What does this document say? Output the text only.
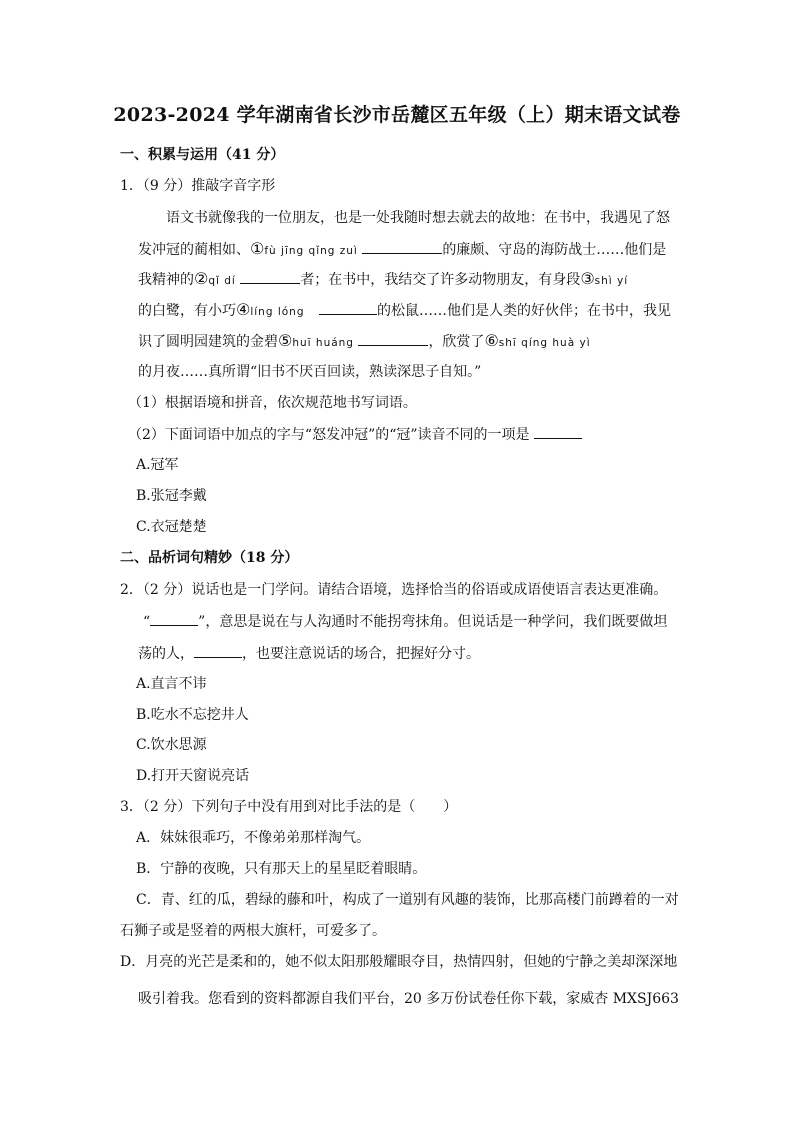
2023-2024 学年湖南省长沙市岳麓区五年级（上）期末语文试卷
一、积累与运用（41 分）
1．（9 分）推敲字音字形
语文书就像我的一位朋友，也是一处我随时想去就去的故地：在书中，我遇见了怒
发冲冠的蔺相如、①fù jīng qǐng zuì	的廉颇、守岛的海防战士……他们是
我精神的②qǐ dí	者；在书中，我结交了许多动物朋友，有身段③shì yí
的白鹭，有小巧④líng lóng	的松鼠……他们是人类的好伙伴；在书中，我见
识了圆明园建筑的金碧⑤huī huáng	，欣赏了⑥shī qíng huà yì
的月夜……真所谓“旧书不厌百回读，熟读深思子自知。”
（1）根据语境和拼音，依次规范地书写词语。
（2）下面词语中加点的字与“怒发冲冠”的“冠”读音不同的一项是
A.冠军
B.张冠李戴
C.衣冠楚楚
二、品析词句精妙（18 分）
2．（2 分）说话也是一门学问。请结合语境，选择恰当的俗语或成语使语言表达更准确。
“	”，意思是说在与人沟通时不能拐弯抹角。但说话是一种学问，我们既要做坦
荡的人，	，也要注意说话的场合，把握好分寸。
A.直言不讳
B.吃水不忘挖井人
C.饮水思源
D.打开天窗说亮话
3．（2 分）下列句子中没有用到对比手法的是（　　）
A．妹妹很乖巧，不像弟弟那样淘气。
B．宁静的夜晚，只有那天上的星星眨着眼睛。
C．青、红的瓜，碧绿的藤和叶，构成了一道别有风趣的装饰，比那高楼门前蹲着的一对
石狮子或是竖着的两根大旗杆，可爱多了。
D．月亮的光芒是柔和的，她不似太阳那般耀眼夺目，热情四射，但她的宁静之美却深深地
吸引着我。您看到的资料都源自我们平台，20 多万份试卷任你下载，家威杏 MXSJ663
